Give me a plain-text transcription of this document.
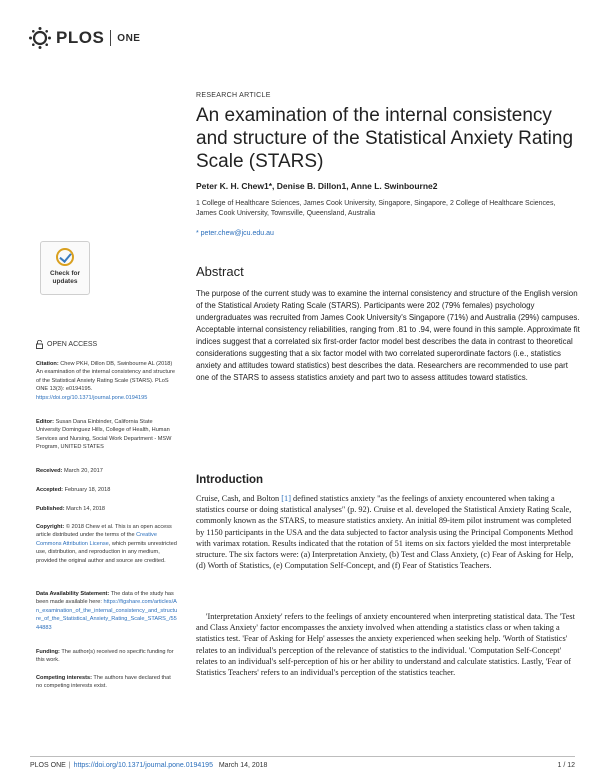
PLOS ONE
RESEARCH ARTICLE
An examination of the internal consistency and structure of the Statistical Anxiety Rating Scale (STARS)
Peter K. H. Chew1*, Denise B. Dillon1, Anne L. Swinbourne2
1 College of Healthcare Sciences, James Cook University, Singapore, Singapore, 2 College of Healthcare Sciences, James Cook University, Townsville, Queensland, Australia
* peter.chew@jcu.edu.au
Check for
updates
OPEN ACCESS
Citation: Chew PKH, Dillon DB, Swinbourne AL (2018) An examination of the internal consistency and structure of the Statistical Anxiety Rating Scale (STARS). PLoS ONE 13(3): e0194195. https://doi.org/10.1371/journal.pone.0194195
Editor: Susan Dana Einbinder, California State University Dominguez Hills, College of Health, Human Services and Nursing, Social Work Department - MSW Program, UNITED STATES
Received: March 20, 2017
Accepted: February 18, 2018
Published: March 14, 2018
Copyright: © 2018 Chew et al. This is an open access article distributed under the terms of the Creative Commons Attribution License, which permits unrestricted use, distribution, and reproduction in any medium, provided the original author and source are credited.
Data Availability Statement: The data of the study has been made available here: https://figshare.com/articles/An_examination_of_the_internal_consistency_and_structure_of_the_Statistical_Anxiety_Rating_Scale_STARS_/5544883
Funding: The author(s) received no specific funding for this work.
Competing interests: The authors have declared that no competing interests exist.
Abstract
The purpose of the current study was to examine the internal consistency and structure of the English version of the Statistical Anxiety Rating Scale (STARS). Participants were 202 (79% females) psychology undergraduates was recruited from James Cook University's Singapore (71%) and Australia (29%) campuses. Acceptable internal consistency reliabilities, ranging from .81 to .94, were found in this sample. Approximate fit indices suggest that a correlated six first-order factor model best describes the data in contrast to theoretical considerations suggesting that a six factor model with two correlated superordinate factors (i.e., statistics anxiety and attitudes toward statistics) best describes the data. Researchers are recommended to use part one of the STARS to assess statistics anxiety and part two to assess attitudes toward statistics.
Introduction
Cruise, Cash, and Bolton [1] defined statistics anxiety "as the feelings of anxiety encountered when taking a statistics course or doing statistical analyses" (p. 92). Cruise et al. developed the Statistical Anxiety Rating Scale, commonly known as the STARS, to measure statistics anxiety. An initial 89-item pilot instrument was completed by 1150 participants in the USA and the data subjected to factor analysis using the Principal Components Method with varimax rotation. Results indicated that the rotation of 51 items on six factors yielded the most interpretable structure. The six factors were: (a) Interpretation Anxiety, (b) Test and Class Anxiety, (c) Fear of Asking for Help, (d) Worth of Statistics, (e) Computation Self-Concept, and (f) Fear of Statistics Teachers.
'Interpretation Anxiety' refers to the feelings of anxiety encountered when interpreting statistical data. The 'Test and Class Anxiety' factor encompasses the anxiety involved when attending a statistics class or when taking a statistics test. 'Fear of Asking for Help' assesses the anxiety experienced when seeking help. 'Worth of Statistics' relates to an individual's perception of the relevance of statistics to the individual. 'Computation Self-Concept' relates to an individual's self-perception of his or her ability to understand and calculate statistics. Lastly, 'Fear of Statistics Teachers' refers to an individual's perception of the statistics teacher.
PLOS ONE | https://doi.org/10.1371/journal.pone.0194195 March 14, 2018	1 / 12
